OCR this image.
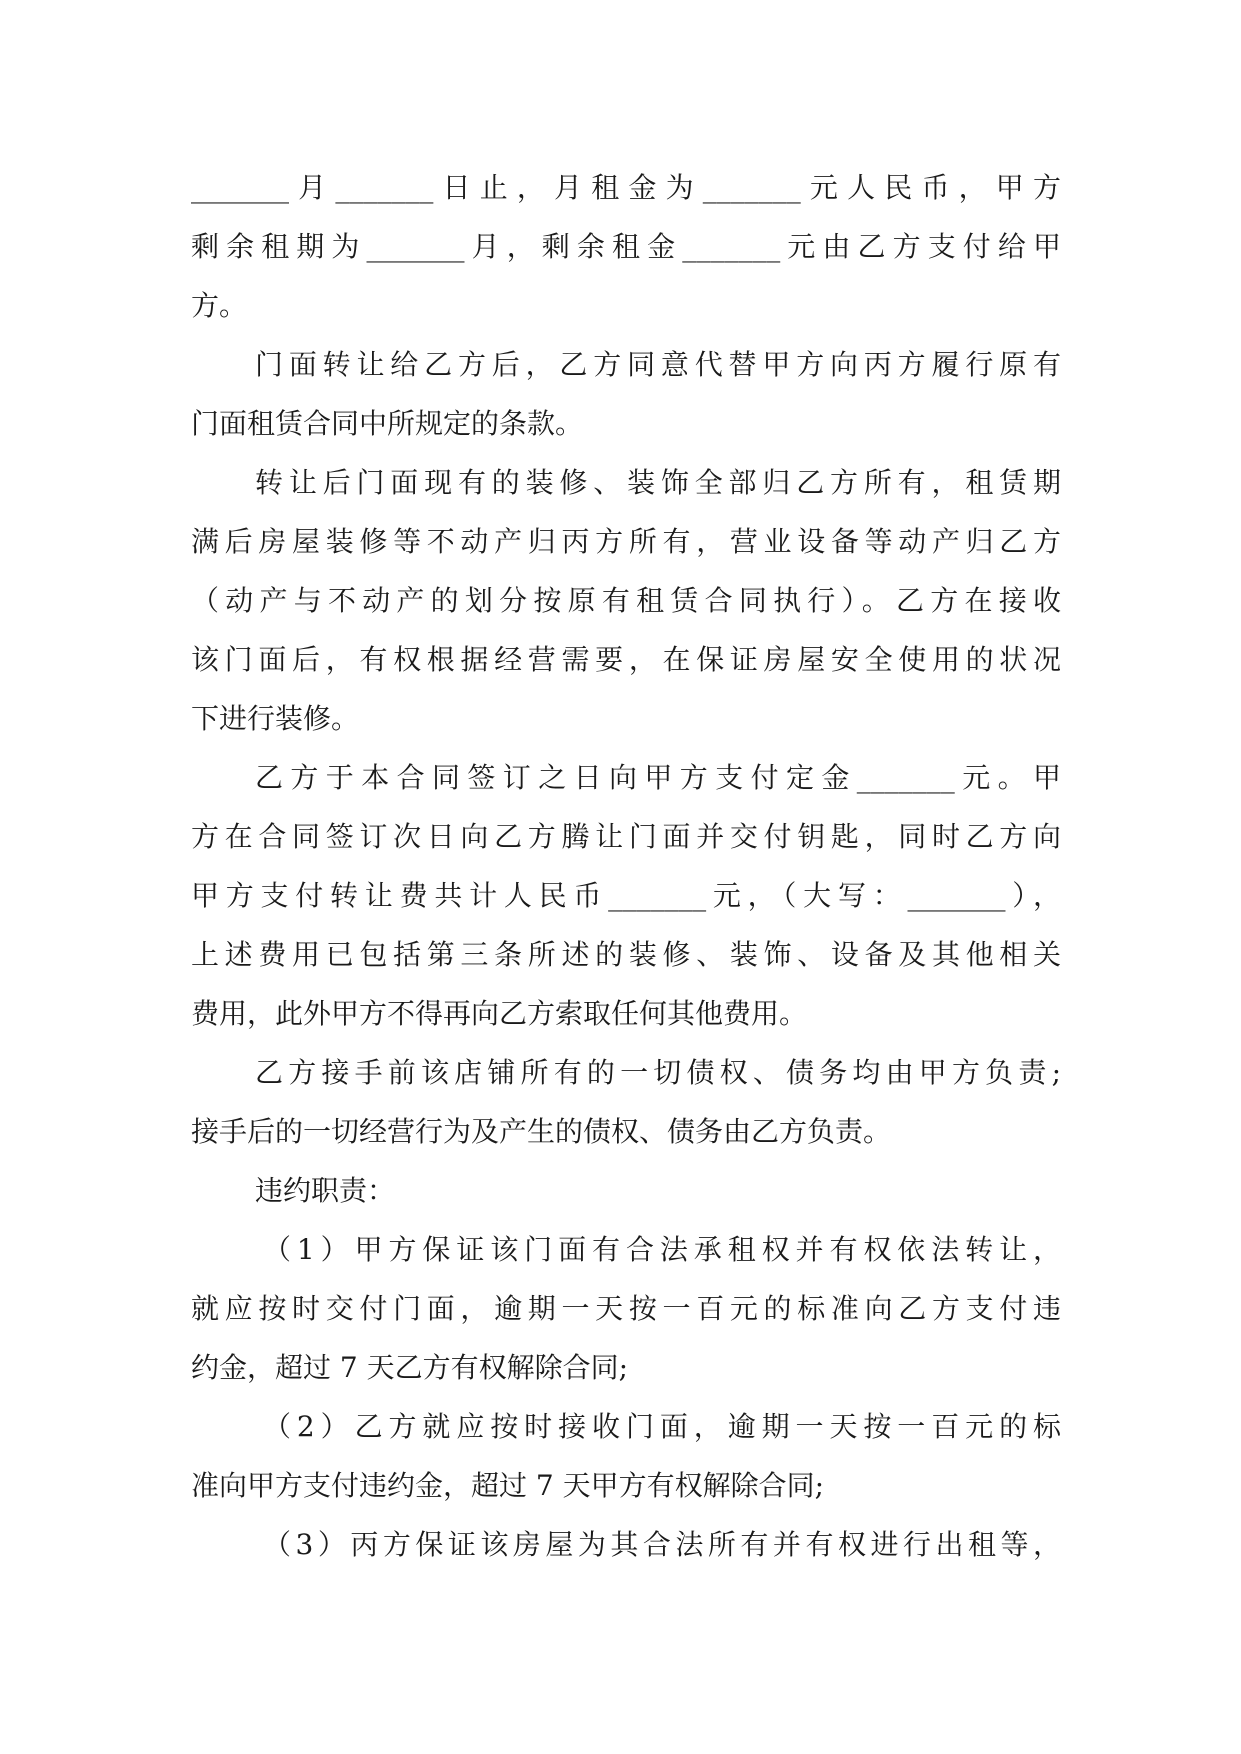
_______月_______日止，月租金为_______元人民币，甲方
剩余租期为_______月，剩余租金_______元由乙方支付给甲
方。
门面转让给乙方后，乙方同意代替甲方向丙方履行原有
门面租赁合同中所规定的条款。
转让后门面现有的装修、装饰全部归乙方所有，租赁期
满后房屋装修等不动产归丙方所有，营业设备等动产归乙方
（动产与不动产的划分按原有租赁合同执行）。乙方在接收
该门面后，有权根据经营需要，在保证房屋安全使用的状况
下进行装修。
乙方于本合同签订之日向甲方支付定金_______元。甲
方在合同签订次日向乙方腾让门面并交付钥匙，同时乙方向
甲方支付转让费共计人民币_______元，（大写：_______），
上述费用已包括第三条所述的装修、装饰、设备及其他相关
费用，此外甲方不得再向乙方索取任何其他费用。
乙方接手前该店铺所有的一切债权、债务均由甲方负责;
接手后的一切经营行为及产生的债权、债务由乙方负责。
违约职责：
（1）甲方保证该门面有合法承租权并有权依法转让，
就应按时交付门面，逾期一天按一百元的标准向乙方支付违
约金，超过 7 天乙方有权解除合同;
（2）乙方就应按时接收门面，逾期一天按一百元的标
准向甲方支付违约金，超过 7 天甲方有权解除合同;
（3）丙方保证该房屋为其合法所有并有权进行出租等，
